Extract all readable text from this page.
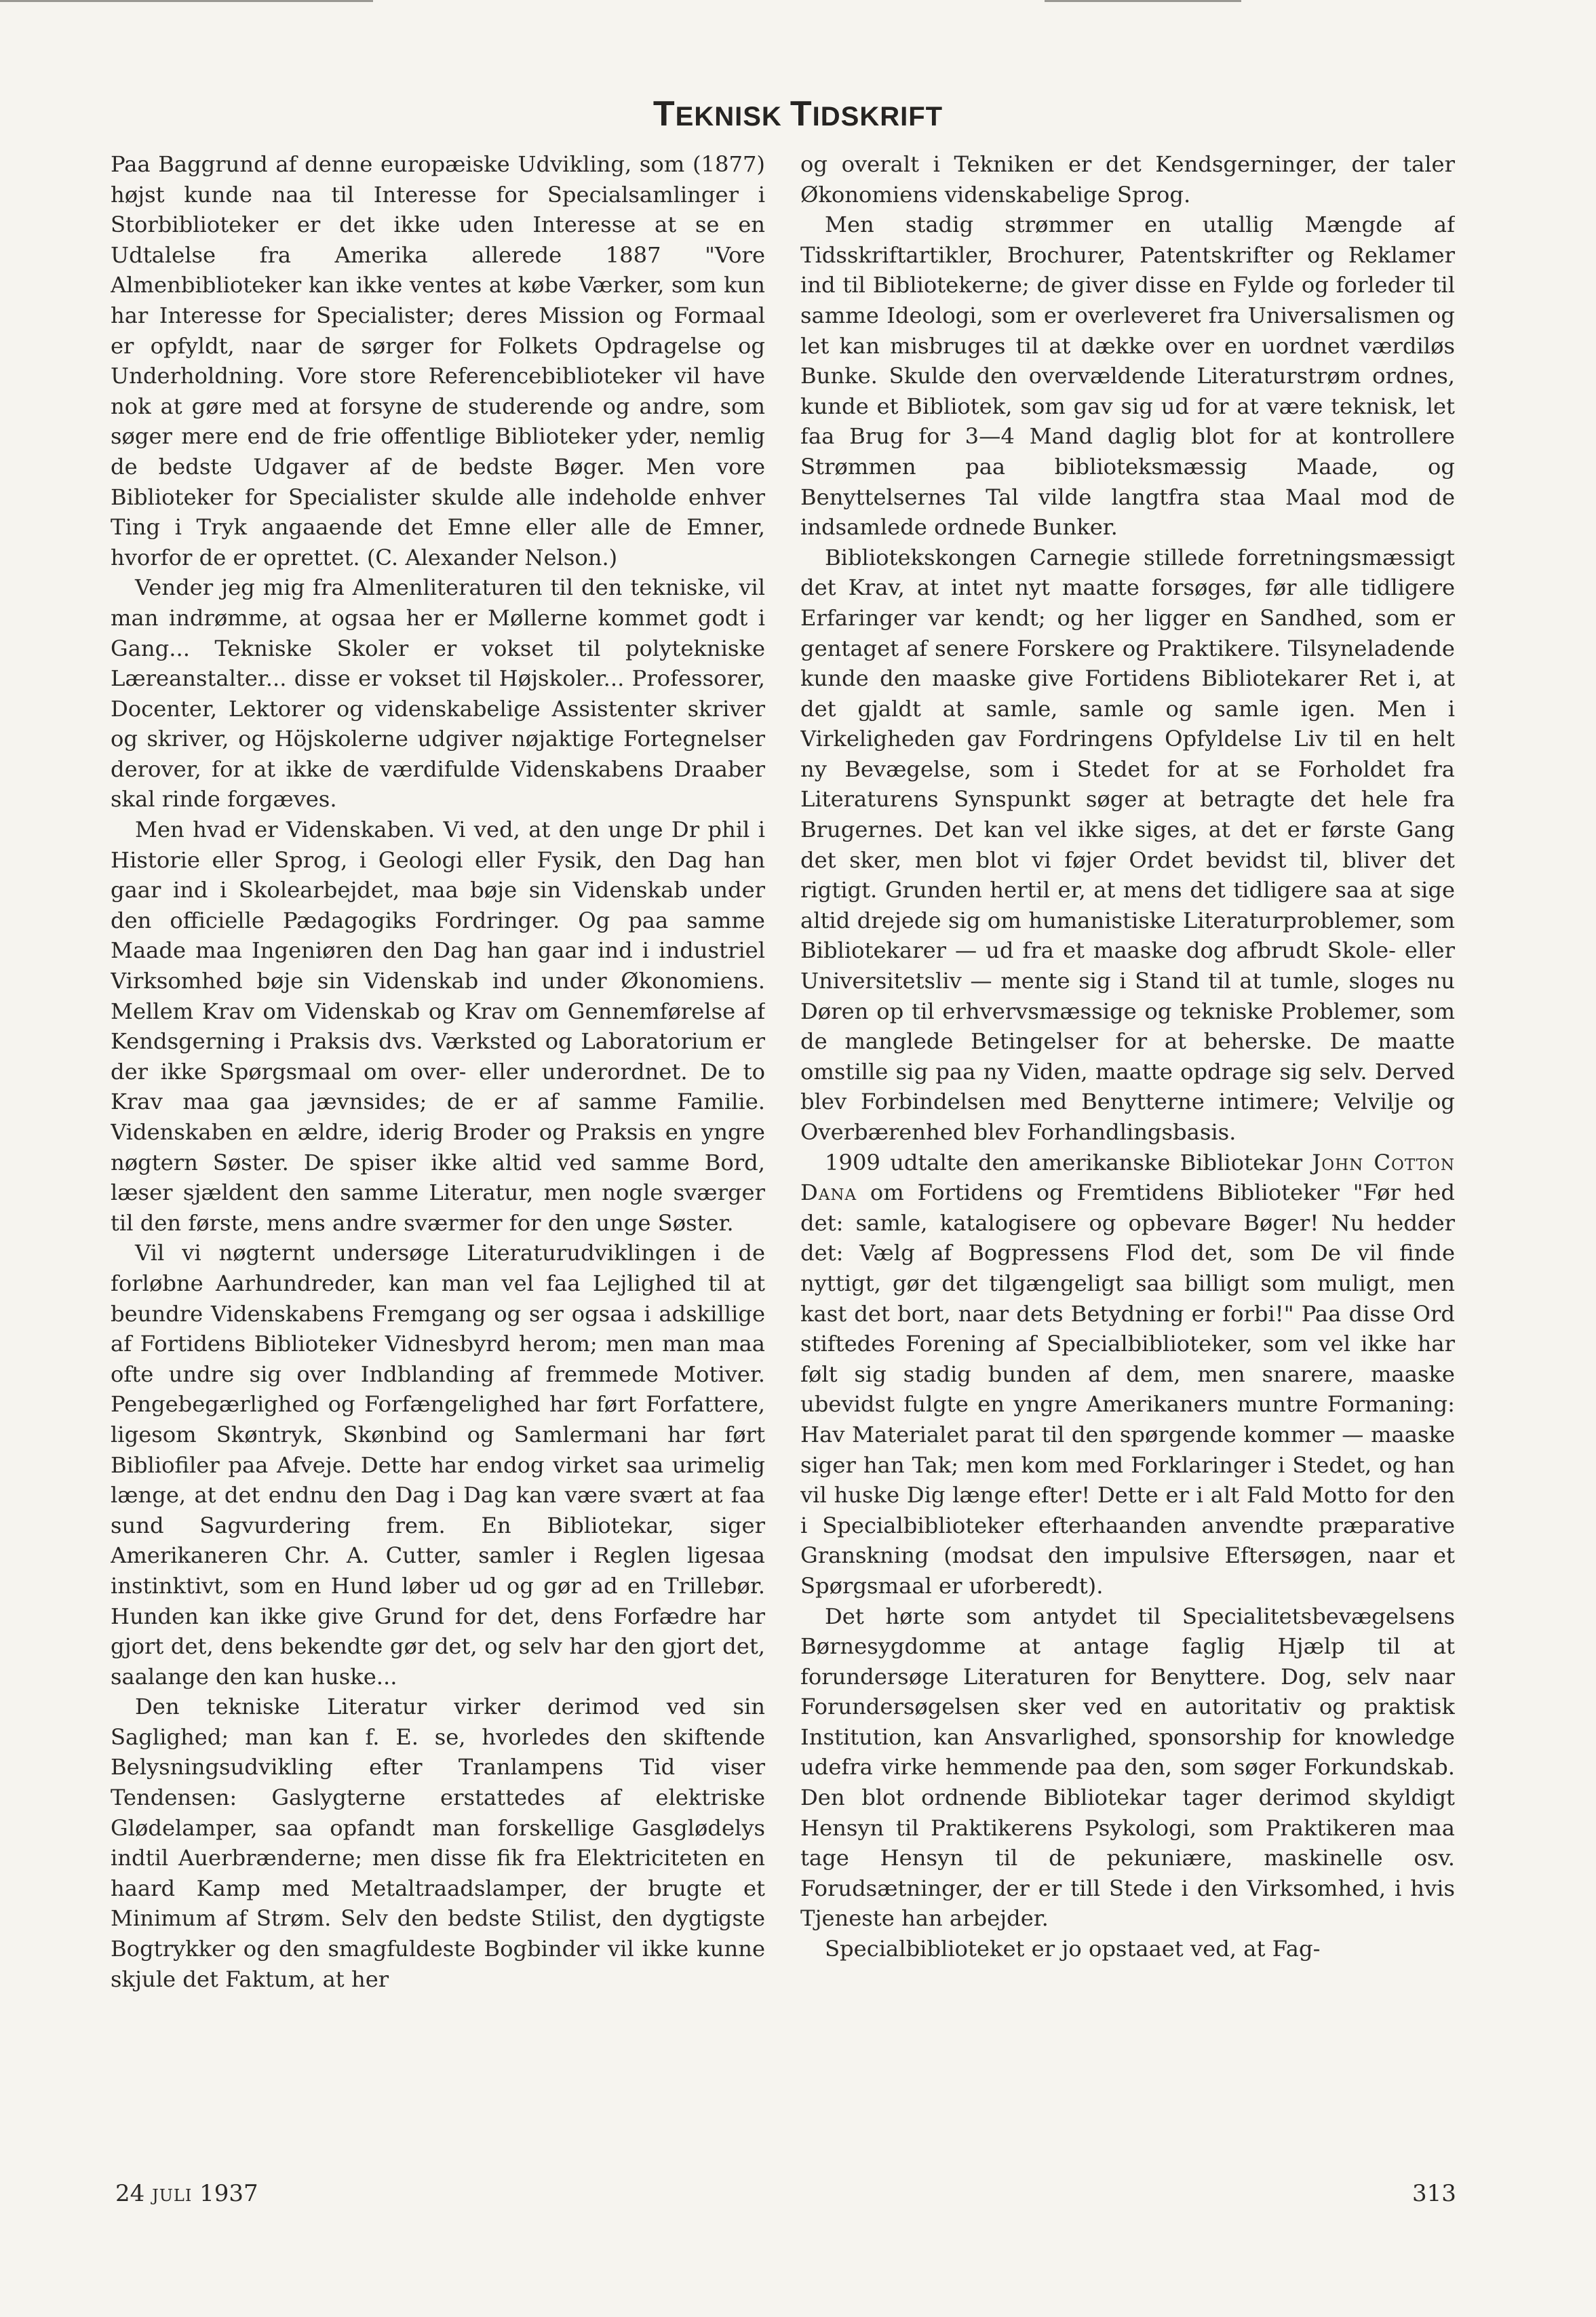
TEKNISK TIDSKRIFT

Paa Baggrund af denne europæiske Udvikling, som (1877) højst kunde naa til Interesse for Specialsamlinger i Storbiblioteker er det ikke uden Interesse at se en Udtalelse fra Amerika allerede 1887 "Vore Almenbiblioteker kan ikke ventes at købe Værker, som kun har Interesse for Specialister; deres Mission og Formaal er opfyldt, naar de sørger for Folkets Opdragelse og Underholdning. Vore store Referencebiblioteker vil have nok at gøre med at forsyne de studerende og andre, som søger mere end de frie offentlige Biblioteker yder, nemlig de bedste Udgaver af de bedste Bøger. Men vore Biblioteker for Specialister skulde alle indeholde enhver Ting i Tryk angaaende det Emne eller alle de Emner, hvorfor de er oprettet. (C. Alexander Nelson.)

Vender jeg mig fra Almenliteraturen til den tekniske, vil man indrømme, at ogsaa her er Møllerne kommet godt i Gang... Tekniske Skoler er vokset til polytekniske Læreanstalter... disse er vokset til Højskoler... Professorer, Docenter, Lektorer og videnskabelige Assistenter skriver og skriver, og Höjskolerne udgiver nøjaktige Fortegnelser derover, for at ikke de værdifulde Videnskabens Draaber skal rinde forgæves.

Men hvad er Videnskaben. Vi ved, at den unge Dr phil i Historie eller Sprog, i Geologi eller Fysik, den Dag han gaar ind i Skolearbejdet, maa bøje sin Videnskab under den officielle Pædagogiks Fordringer. Og paa samme Maade maa Ingeniøren den Dag han gaar ind i industriel Virksomhed bøje sin Videnskab ind under Økonomiens. Mellem Krav om Videnskab og Krav om Gennemførelse af Kendsgerning i Praksis dvs. Værksted og Laboratorium er der ikke Spørgsmaal om over- eller underordnet. De to Krav maa gaa jævnsides; de er af samme Familie. Videnskaben en ældre, iderig Broder og Praksis en yngre nøgtern Søster. De spiser ikke altid ved samme Bord, læser sjældent den samme Literatur, men nogle sværger til den første, mens andre sværmer for den unge Søster.

Vil vi nøgternt undersøge Literaturudviklingen i de forløbne Aarhundreder, kan man vel faa Lejlighed til at beundre Videnskabens Fremgang og ser ogsaa i adskillige af Fortidens Biblioteker Vidnesbyrd herom; men man maa ofte undre sig over Indblanding af fremmede Motiver. Pengebegærlighed og Forfængelighed har ført Forfattere, ligesom Skøntryk, Skønbind og Samlermani har ført Bibliofiler paa Afveje. Dette har endog virket saa urimelig længe, at det endnu den Dag i Dag kan være svært at faa sund Sagvurdering frem. En Bibliotekar, siger Amerikaneren Chr. A. Cutter, samler i Reglen ligesaa instinktivt, som en Hund løber ud og gør ad en Trillebør. Hunden kan ikke give Grund for det, dens Forfædre har gjort det, dens bekendte gør det, og selv har den gjort det, saalange den kan huske...

Den tekniske Literatur virker derimod ved sin Saglighed; man kan f. E. se, hvorledes den skiftende Belysningsudvikling efter Tranlampens Tid viser Tendensen: Gaslygterne erstattedes af elektriske Glødelamper, saa opfandt man forskellige Gasglødelys indtil Auerbrænderne; men disse fik fra Elektriciteten en haard Kamp med Metaltraadslamper, der brugte et Minimum af Strøm. Selv den bedste Stilist, den dygtigste Bogtrykker og den smagfuldeste Bogbinder vil ikke kunne skjule det Faktum, at her

og overalt i Tekniken er det Kendsgerninger, der taler Økonomiens videnskabelige Sprog.

Men stadig strømmer en utallig Mængde af Tidsskriftartikler, Brochurer, Patentskrifter og Reklamer ind til Bibliotekerne; de giver disse en Fylde og forleder til samme Ideologi, som er overleveret fra Universalismen og let kan misbruges til at dække over en uordnet værdiløs Bunke. Skulde den overvældende Literaturstrøm ordnes, kunde et Bibliotek, som gav sig ud for at være teknisk, let faa Brug for 3—4 Mand daglig blot for at kontrollere Strømmen paa biblioteksmæssig Maade, og Benyttelsernes Tal vilde langtfra staa Maal mod de indsamlede ordnede Bunker.

Bibliotekskongen Carnegie stillede forretningsmæssigt det Krav, at intet nyt maatte forsøges, før alle tidligere Erfaringer var kendt; og her ligger en Sandhed, som er gentaget af senere Forskere og Praktikere. Tilsyneladende kunde den maaske give Fortidens Bibliotekarer Ret i, at det gjaldt at samle, samle og samle igen. Men i Virkeligheden gav Fordringens Opfyldelse Liv til en helt ny Bevægelse, som i Stedet for at se Forholdet fra Literaturens Synspunkt søger at betragte det hele fra Brugernes. Det kan vel ikke siges, at det er første Gang det sker, men blot vi føjer Ordet bevidst til, bliver det rigtigt. Grunden hertil er, at mens det tidligere saa at sige altid drejede sig om humanistiske Literaturproblemer, som Bibliotekarer — ud fra et maaske dog afbrudt Skole- eller Universitetsliv — mente sig i Stand til at tumle, sloges nu Døren op til erhvervsmæssige og tekniske Problemer, som de manglede Betingelser for at beherske. De maatte omstille sig paa ny Viden, maatte opdrage sig selv. Derved blev Forbindelsen med Benytterne intimere; Velvilje og Overbærenhed blev Forhandlingsbasis.

1909 udtalte den amerikanske Bibliotekar John Cotton Dana om Fortidens og Fremtidens Biblioteker "Før hed det: samle, katalogisere og opbevare Bøger! Nu hedder det: Vælg af Bogpressens Flod det, som De vil finde nyttigt, gør det tilgængeligt saa billigt som muligt, men kast det bort, naar dets Betydning er forbi!" Paa disse Ord stiftedes Forening af Specialbiblioteker, som vel ikke har følt sig stadig bunden af dem, men snarere, maaske ubevidst fulgte en yngre Amerikaners muntre Formaning: Hav Materialet parat til den spørgende kommer — maaske siger han Tak; men kom med Forklaringer i Stedet, og han vil huske Dig længe efter! Dette er i alt Fald Motto for den i Specialbiblioteker efterhaanden anvendte præparative Granskning (modsat den impulsive Eftersøgen, naar et Spørgsmaal er uforberedt).

Det hørte som antydet til Specialitetsbevægelsens Børnesygdomme at antage faglig Hjælp til at forundersøge Literaturen for Benyttere. Dog, selv naar Forundersøgelsen sker ved en autoritativ og praktisk Institution, kan Ansvarlighed, sponsorship for knowledge udefra virke hemmende paa den, som søger Forkundskab. Den blot ordnende Bibliotekar tager derimod skyldigt Hensyn til Praktikerens Psykologi, som Praktikeren maa tage Hensyn til de pekuniære, maskinelle osv. Forudsætninger, der er till Stede i den Virksomhed, i hvis Tjeneste han arbejder.

Specialbiblioteket er jo opstaaet ved, at Fag-

24 juli 1937	313
